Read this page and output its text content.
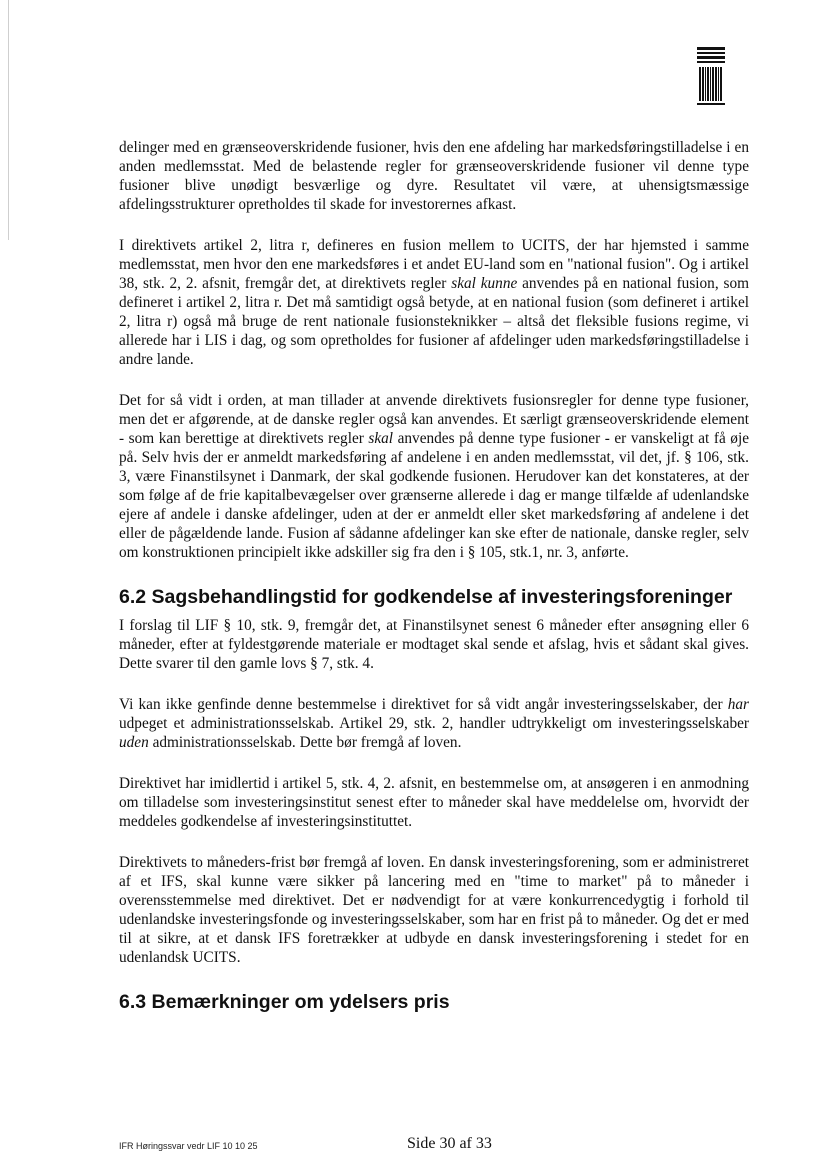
delinger med en grænseoverskridende fusioner, hvis den ene afdeling har markedsføringstilladelse i en anden medlemsstat. Med de belastende regler for grænseoverskridende fusioner vil denne type fusioner blive unødigt besværlige og dyre. Resultatet vil være, at uhensigtsmæssige afdelingsstrukturer opretholdes til skade for investorernes afkast.

I direktivets artikel 2, litra r, defineres en fusion mellem to UCITS, der har hjemsted i samme medlemsstat, men hvor den ene markedsføres i et andet EU-land som en "national fusion". Og i artikel 38, stk. 2, 2. afsnit, fremgår det, at direktivets regler skal kunne anvendes på en national fusion, som defineret i artikel 2, litra r. Det må samtidigt også betyde, at en national fusion (som defineret i artikel 2, litra r) også må bruge de rent nationale fusionsteknikker – altså det fleksible fusions regime, vi allerede har i LIS i dag, og som opretholdes for fusioner af afdelinger uden markedsføringstilladelse i andre lande.

Det for så vidt i orden, at man tillader at anvende direktivets fusionsregler for denne type fusioner, men det er afgørende, at de danske regler også kan anvendes. Et særligt grænseoverskridende element - som kan berettige at direktivets regler skal anvendes på denne type fusioner - er vanskeligt at få øje på. Selv hvis der er anmeldt markedsføring af andelene i en anden medlemsstat, vil det, jf. § 106, stk. 3, være Finanstilsynet i Danmark, der skal godkende fusionen. Herudover kan det konstateres, at der som følge af de frie kapitalbevægelser over grænserne allerede i dag er mange tilfælde af udenlandske ejere af andele i danske afdelinger, uden at der er anmeldt eller sket markedsføring af andelene i det eller de pågældende lande. Fusion af sådanne afdelinger kan ske efter de nationale, danske regler, selv om konstruktionen principielt ikke adskiller sig fra den i § 105, stk.1, nr. 3, anførte.

6.2 Sagsbehandlingstid for godkendelse af investeringsforeninger

I forslag til LIF § 10, stk. 9, fremgår det, at Finanstilsynet senest 6 måneder efter ansøgning eller 6 måneder, efter at fyldestgørende materiale er modtaget skal sende et afslag, hvis et sådant skal gives. Dette svarer til den gamle lovs § 7, stk. 4.

Vi kan ikke genfinde denne bestemmelse i direktivet for så vidt angår investeringsselskaber, der har udpeget et administrationsselskab. Artikel 29, stk. 2, handler udtrykkeligt om investeringsselskaber uden administrationsselskab. Dette bør fremgå af loven.

Direktivet har imidlertid i artikel 5, stk. 4, 2. afsnit, en bestemmelse om, at ansøgeren i en anmodning om tilladelse som investeringsinstitut senest efter to måneder skal have meddelelse om, hvorvidt der meddeles godkendelse af investeringsinstituttet.

Direktivets to måneders-frist bør fremgå af loven. En dansk investeringsforening, som er administreret af et IFS, skal kunne være sikker på lancering med en "time to market" på to måneder i overensstemmelse med direktivet. Det er nødvendigt for at være konkurrencedygtig i forhold til udenlandske investeringsfonde og investeringsselskaber, som har en frist på to måneder. Og det er med til at sikre, at et dansk IFS foretrækker at udbyde en dansk investeringsforening i stedet for en udenlandsk UCITS.

6.3 Bemærkninger om ydelsers pris
IFR Høringssvar vedr LIF 10 10 25	Side 30 af 33
